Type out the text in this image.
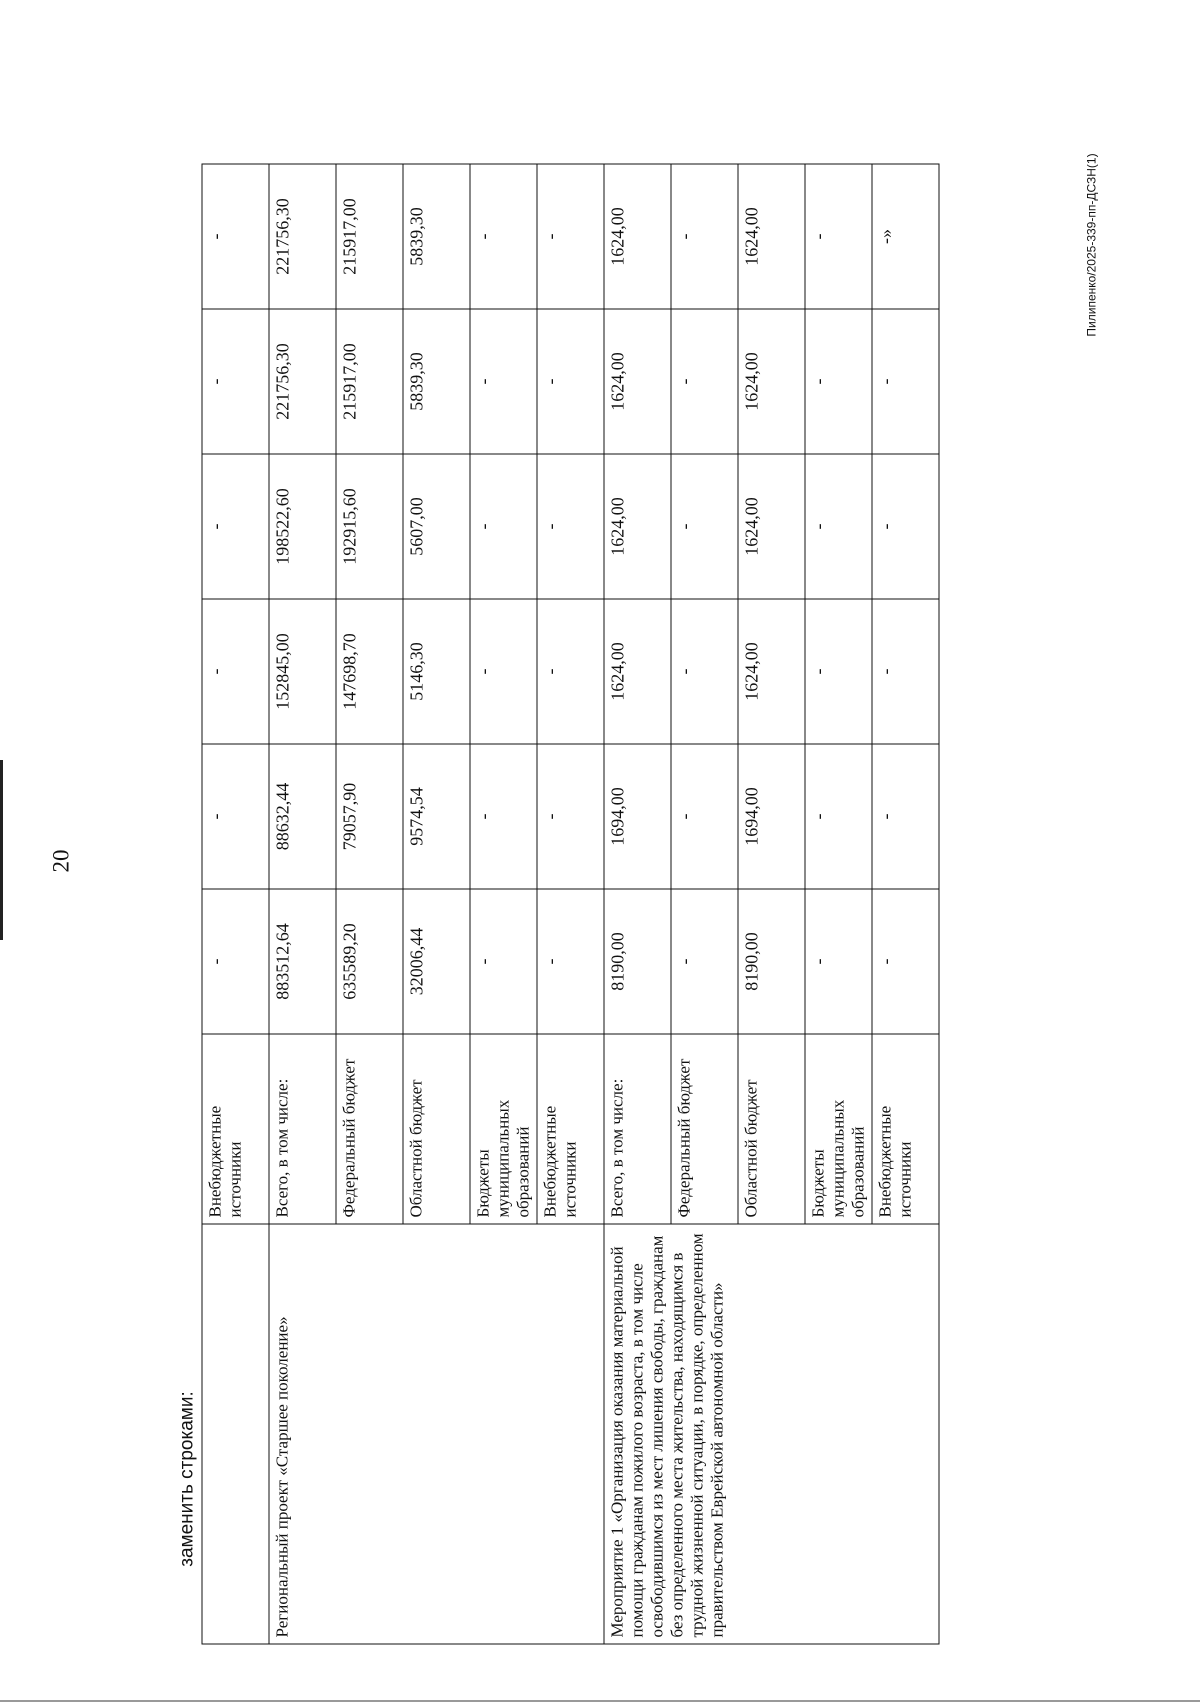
20
Пилипенко/2025-339-пп-ДСЗН(1)
	Внебюджетные источники	-	-	-	-	-	-
Региональный проект «Старшее поколение»	Всего, в том числе:	883512,64	88632,44	152845,00	198522,60	221756,30	221756,30
	Федеральный бюджет	635589,20	79057,90	147698,70	192915,60	215917,00	215917,00
	Областной бюджет	32006,44	9574,54	5146,30	5607,00	5839,30	5839,30
	Бюджеты муниципальных образований	-	-	-	-	-	-
	Внебюджетные источники	-	-	-	-	-	-
Мероприятие 1 «Организация оказания материальной помощи гражданам пожилого возраста, в том числе освободившимся из мест лишения свободы, гражданам без определенного места жительства, находящимся в трудной жизненной ситуации, в порядке, определенном правительством Еврейской автономной области»	Всего, в том числе:	8190,00	1694,00	1624,00	1624,00	1624,00	1624,00
	Федеральный бюджет	-	-	-	-	-	-
	Областной бюджет	8190,00	1694,00	1624,00	1624,00	1624,00	1624,00
	Бюджеты муниципальных образований	-	-	-	-	-	-
	Внебюджетные источники	-	-	-	-	-	-»
заменить строками:
